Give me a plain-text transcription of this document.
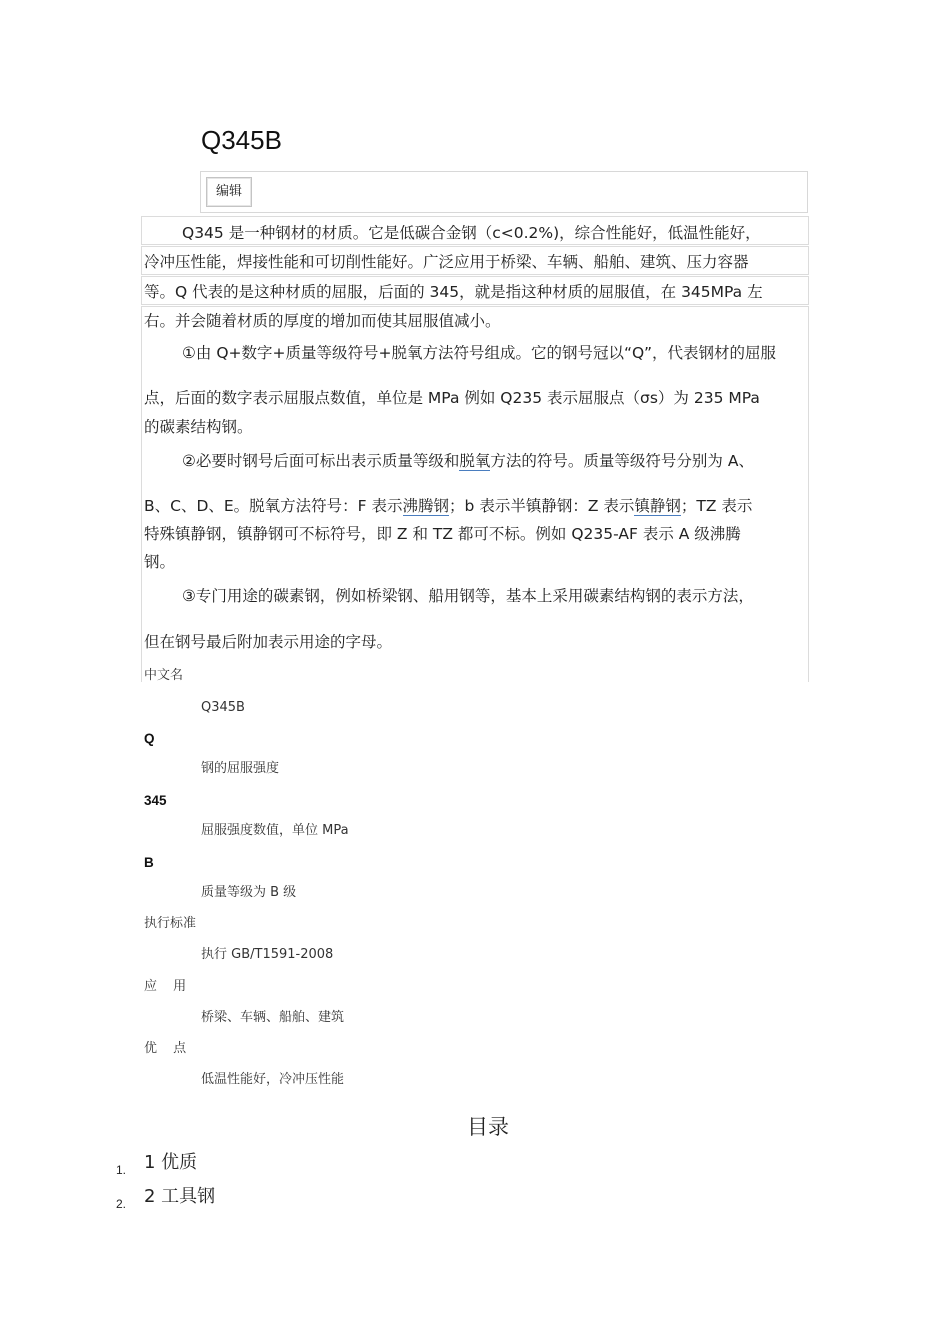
Q345B
编辑
Q345 是一种钢材的材质。它是低碳合金钢（c<0.2%)，综合性能好，低温性能好，
冷冲压性能，焊接性能和可切削性能好。广泛应用于桥梁、车辆、船舶、建筑、压力容器
等。Q 代表的是这种材质的屈服，后面的 345，就是指这种材质的屈服值，在 345MPa 左
右。并会随着材质的厚度的增加而使其屈服值减小。
①由 Q+数字+质量等级符号+脱氧方法符号组成。它的钢号冠以“Q”，代表钢材的屈服
点，后面的数字表示屈服点数值，单位是 MPa 例如 Q235 表示屈服点（σs）为 235 MPa
的碳素结构钢。
②必要时钢号后面可标出表示质量等级和脱氧方法的符号。质量等级符号分别为 A、
B、C、D、E。脱氧方法符号：F 表示沸腾钢；b 表示半镇静钢：Z 表示镇静钢；TZ 表示
特殊镇静钢，镇静钢可不标符号，即 Z 和 TZ 都可不标。例如 Q235-AF 表示 A 级沸腾
钢。
③专门用途的碳素钢，例如桥梁钢、船用钢等，基本上采用碳素结构钢的表示方法，
但在钢号最后附加表示用途的字母。
中文名
Q345B
Q
钢的屈服强度
345
屈服强度数值，单位 MPa
B
质量等级为 B 级
执行标准
执行 GB/T1591-2008
应 用
桥梁、车辆、船舶、建筑
优 点
低温性能好，冷冲压性能
目录
1. 1 优质
2. 2 工具钢
